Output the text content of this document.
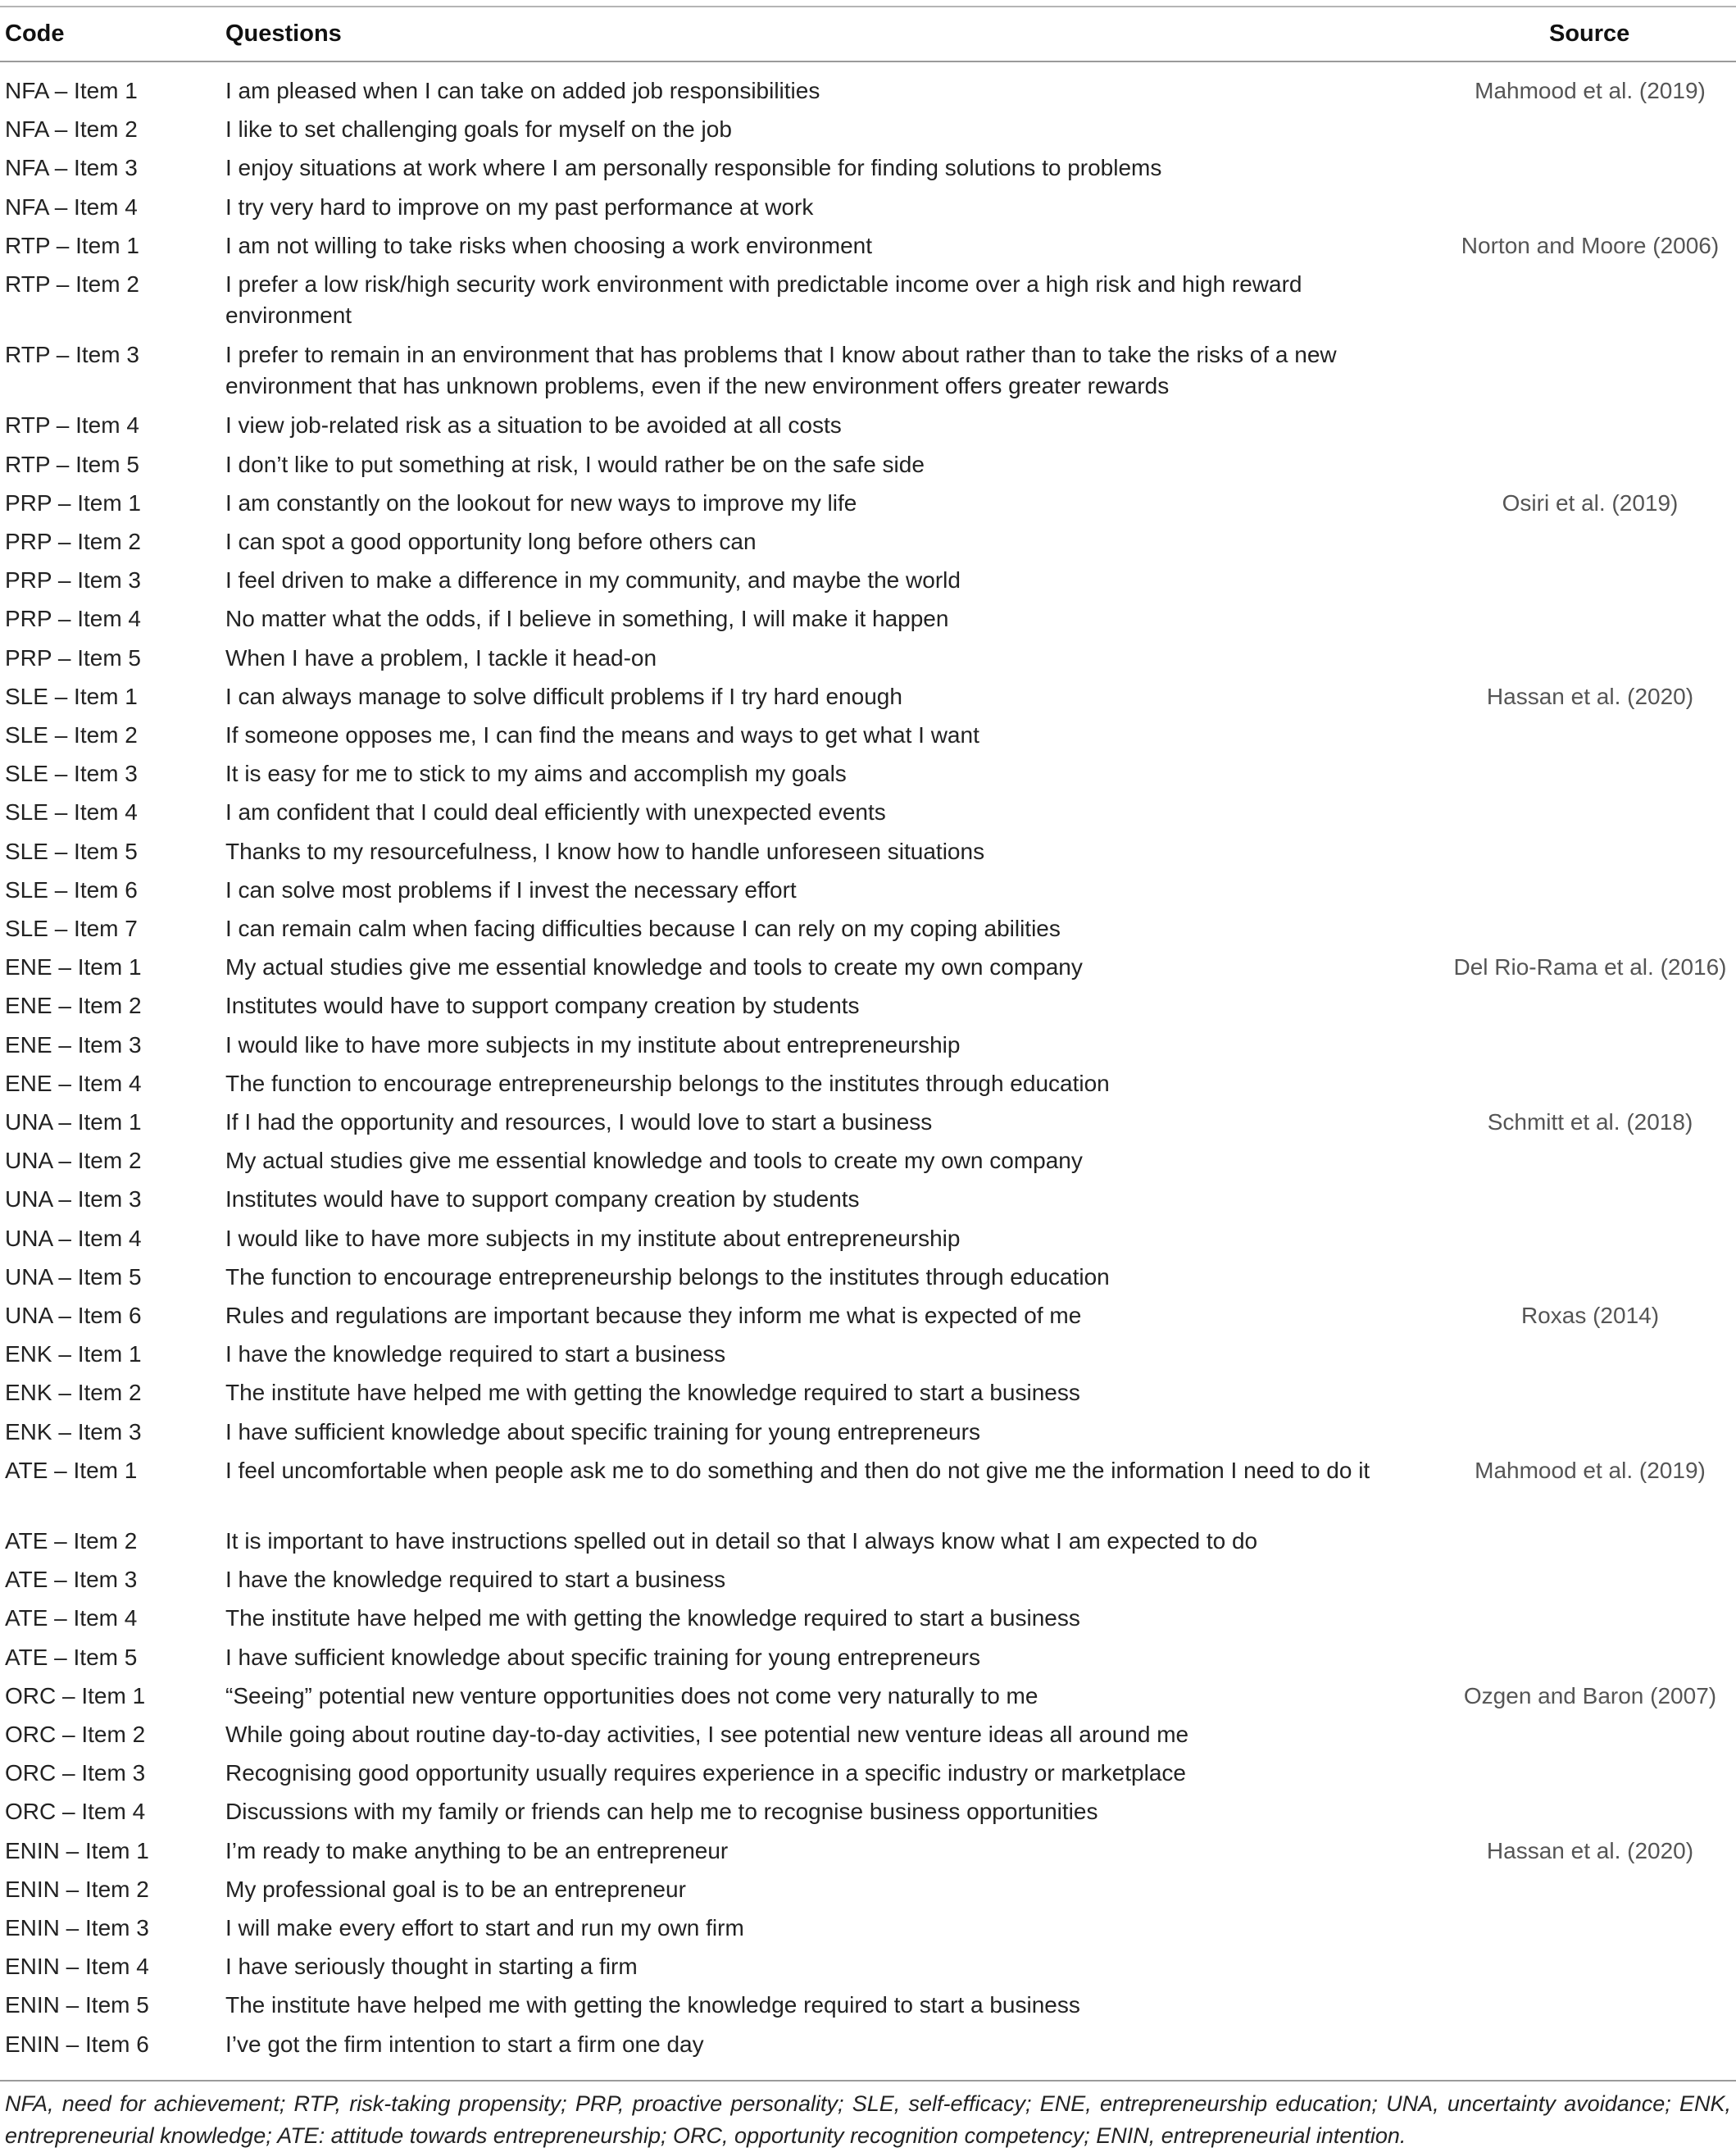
Code	Questions	Source
NFA – Item 1	I am pleased when I can take on added job responsibilities	Mahmood et al. (2019)
NFA – Item 2	I like to set challenging goals for myself on the job
NFA – Item 3	I enjoy situations at work where I am personally responsible for finding solutions to problems
NFA – Item 4	I try very hard to improve on my past performance at work
RTP – Item 1	I am not willing to take risks when choosing a work environment	Norton and Moore (2006)
RTP – Item 2	I prefer a low risk/high security work environment with predictable income over a high risk and high reward environment
RTP – Item 3	I prefer to remain in an environment that has problems that I know about rather than to take the risks of a new environment that has unknown problems, even if the new environment offers greater rewards
RTP – Item 4	I view job-related risk as a situation to be avoided at all costs
RTP – Item 5	I don’t like to put something at risk, I would rather be on the safe side
PRP – Item 1	I am constantly on the lookout for new ways to improve my life	Osiri et al. (2019)
PRP – Item 2	I can spot a good opportunity long before others can
PRP – Item 3	I feel driven to make a difference in my community, and maybe the world
PRP – Item 4	No matter what the odds, if I believe in something, I will make it happen
PRP – Item 5	When I have a problem, I tackle it head-on
SLE – Item 1	I can always manage to solve difficult problems if I try hard enough	Hassan et al. (2020)
SLE – Item 2	If someone opposes me, I can find the means and ways to get what I want
SLE – Item 3	It is easy for me to stick to my aims and accomplish my goals
SLE – Item 4	I am confident that I could deal efficiently with unexpected events
SLE – Item 5	Thanks to my resourcefulness, I know how to handle unforeseen situations
SLE – Item 6	I can solve most problems if I invest the necessary effort
SLE – Item 7	I can remain calm when facing difficulties because I can rely on my coping abilities
ENE – Item 1	My actual studies give me essential knowledge and tools to create my own company	Del Rio-Rama et al. (2016)
ENE – Item 2	Institutes would have to support company creation by students
ENE – Item 3	I would like to have more subjects in my institute about entrepreneurship
ENE – Item 4	The function to encourage entrepreneurship belongs to the institutes through education
UNA – Item 1	If I had the opportunity and resources, I would love to start a business	Schmitt et al. (2018)
UNA – Item 2	My actual studies give me essential knowledge and tools to create my own company
UNA – Item 3	Institutes would have to support company creation by students
UNA – Item 4	I would like to have more subjects in my institute about entrepreneurship
UNA – Item 5	The function to encourage entrepreneurship belongs to the institutes through education
UNA – Item 6	Rules and regulations are important because they inform me what is expected of me	Roxas (2014)
ENK – Item 1	I have the knowledge required to start a business
ENK – Item 2	The institute have helped me with getting the knowledge required to start a business
ENK – Item 3	I have sufficient knowledge about specific training for young entrepreneurs
ATE – Item 1	I feel uncomfortable when people ask me to do something and then do not give me the information I need to do it	Mahmood et al. (2019)
ATE – Item 2	It is important to have instructions spelled out in detail so that I always know what I am expected to do
ATE – Item 3	I have the knowledge required to start a business
ATE – Item 4	The institute have helped me with getting the knowledge required to start a business
ATE – Item 5	I have sufficient knowledge about specific training for young entrepreneurs
ORC – Item 1	“Seeing” potential new venture opportunities does not come very naturally to me	Ozgen and Baron (2007)
ORC – Item 2	While going about routine day-to-day activities, I see potential new venture ideas all around me
ORC – Item 3	Recognising good opportunity usually requires experience in a specific industry or marketplace
ORC – Item 4	Discussions with my family or friends can help me to recognise business opportunities
ENIN – Item 1	I’m ready to make anything to be an entrepreneur	Hassan et al. (2020)
ENIN – Item 2	My professional goal is to be an entrepreneur
ENIN – Item 3	I will make every effort to start and run my own firm
ENIN – Item 4	I have seriously thought in starting a firm
ENIN – Item 5	The institute have helped me with getting the knowledge required to start a business
ENIN – Item 6	I’ve got the firm intention to start a firm one day
NFA, need for achievement; RTP, risk-taking propensity; PRP, proactive personality; SLE, self-efficacy; ENE, entrepreneurship education; UNA, uncertainty avoidance; ENK, entrepreneurial knowledge; ATE: attitude towards entrepreneurship; ORC, opportunity recognition competency; ENIN, entrepreneurial intention.
